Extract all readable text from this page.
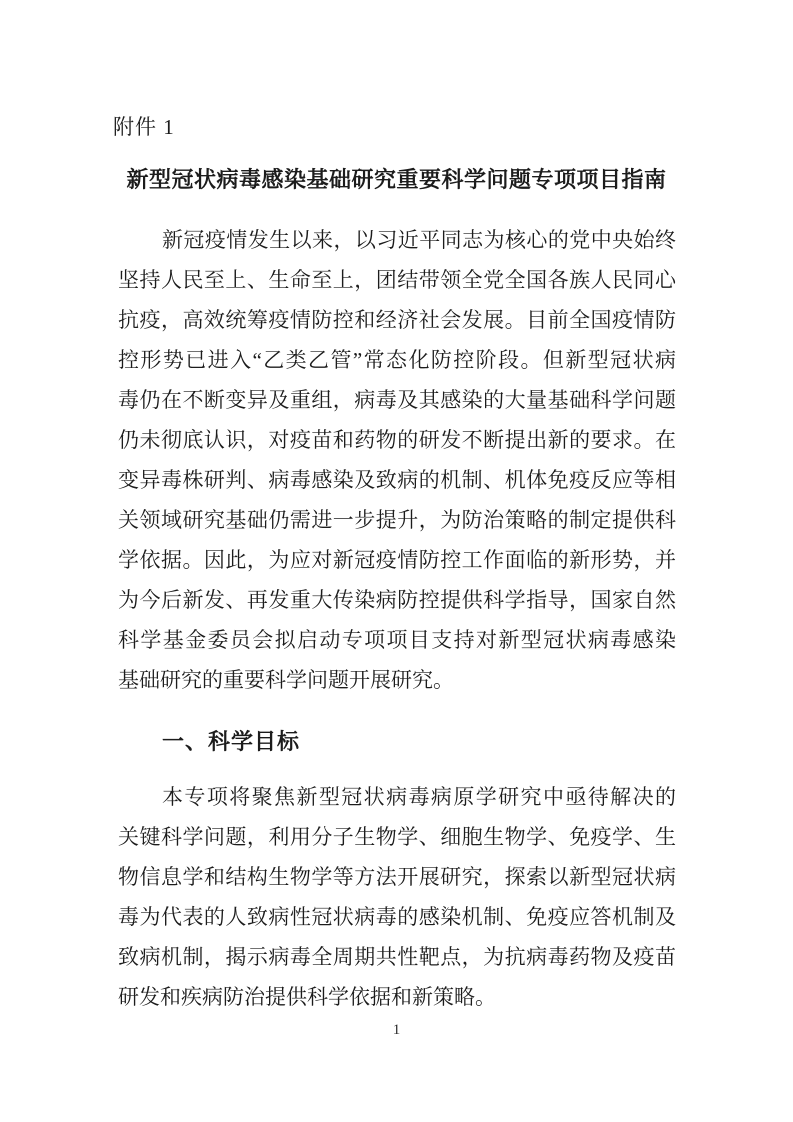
附件 1
新型冠状病毒感染基础研究重要科学问题专项项目指南
新冠疫情发生以来，以习近平同志为核心的党中央始终
坚持人民至上、生命至上，团结带领全党全国各族人民同心
抗疫，高效统筹疫情防控和经济社会发展。目前全国疫情防
控形势已进入“乙类乙管”常态化防控阶段。但新型冠状病
毒仍在不断变异及重组，病毒及其感染的大量基础科学问题
仍未彻底认识，对疫苗和药物的研发不断提出新的要求。在
变异毒株研判、病毒感染及致病的机制、机体免疫反应等相
关领域研究基础仍需进一步提升，为防治策略的制定提供科
学依据。因此，为应对新冠疫情防控工作面临的新形势，并
为今后新发、再发重大传染病防控提供科学指导，国家自然
科学基金委员会拟启动专项项目支持对新型冠状病毒感染
基础研究的重要科学问题开展研究。
一、科学目标
本专项将聚焦新型冠状病毒病原学研究中亟待解决的
关键科学问题，利用分子生物学、细胞生物学、免疫学、生
物信息学和结构生物学等方法开展研究，探索以新型冠状病
毒为代表的人致病性冠状病毒的感染机制、免疫应答机制及
致病机制，揭示病毒全周期共性靶点，为抗病毒药物及疫苗
研发和疾病防治提供科学依据和新策略。
1
